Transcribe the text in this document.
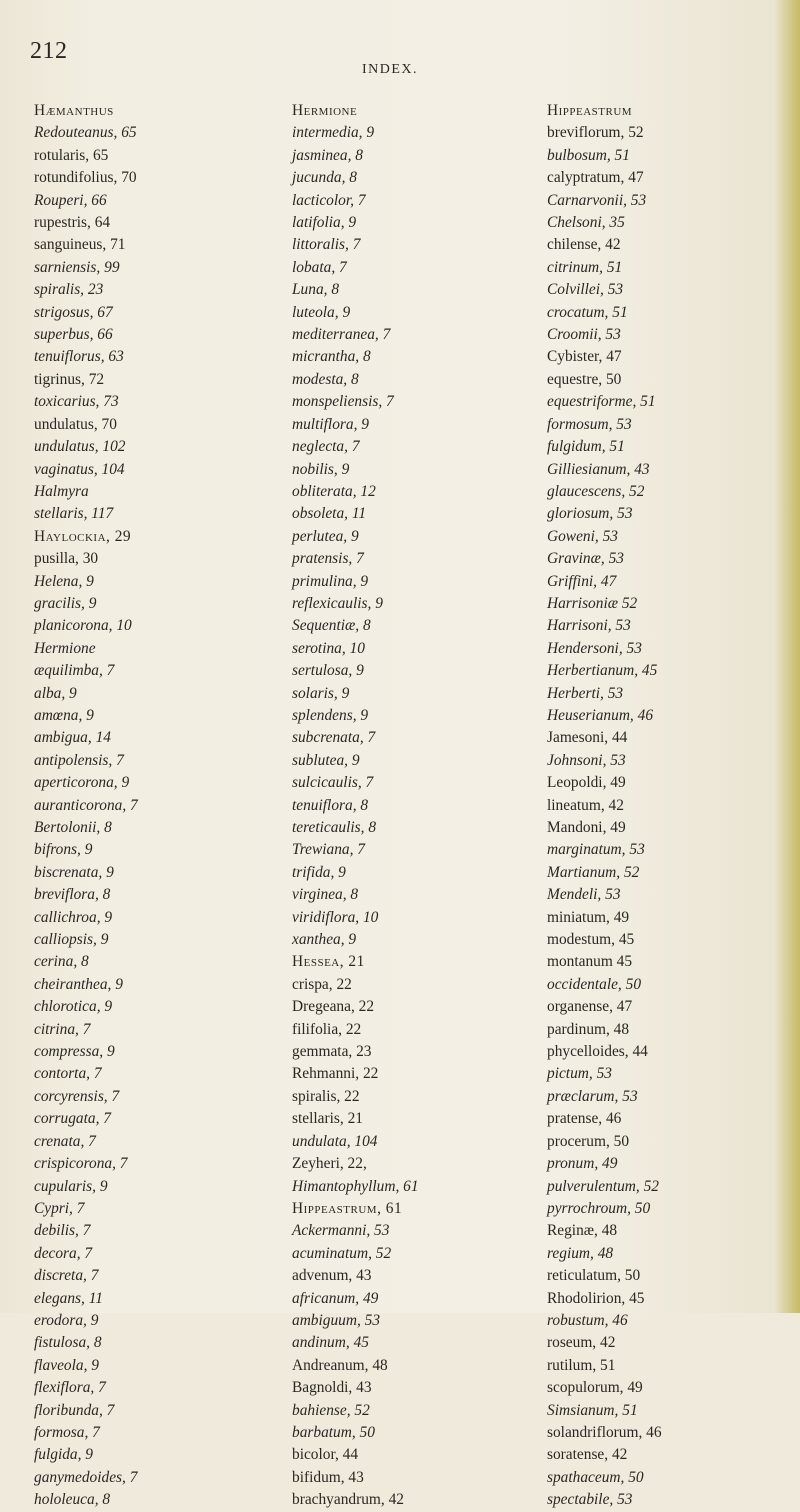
212
INDEX.
Hæmanthus
Redouteanus, 65
rotularis, 65
rotundifolius, 70
Rouperi, 66
rupestris, 64
sanguineus, 71
sarniensis, 99
spiralis, 23
strigosus, 67
superbus, 66
tenuiflorus, 63
tigrinus, 72
toxicarius, 73
undulatus, 70
undulatus, 102
vaginatus, 104
Halmyra
stellaris, 117
Haylockia, 29
pusilla, 30
Helena, 9
gracilis, 9
planicorona, 10
Hermione
æquilimba, 7
alba, 9
amœna, 9
ambigua, 14
antipolensis, 7
aperticorona, 9
auranticorona, 7
Bertolonii, 8
bifrons, 9
biscrenata, 9
breviflora, 8
callichroa, 9
calliopsis, 9
cerina, 8
cheiranthea, 9
chlorotica, 9
citrina, 7
compressa, 9
contorta, 7
corcyrensis, 7
corrugata, 7
crenata, 7
crispicorona, 7
cupularis, 9
Cypri, 7
debilis, 7
decora, 7
discreta, 7
elegans, 11
erodora, 9
fistulosa, 8
flaveola, 9
flexiflora, 7
floribunda, 7
formosa, 7
fulgida, 9
ganymedoides, 7
hololeuca, 8
Hermione
intermedia, 9
jasminea, 8
jucunda, 8
lacticolor, 7
latifolia, 9
littoralis, 7
lobata, 7
Luna, 8
luteola, 9
mediterranea, 7
micrantha, 8
modesta, 8
monspeliensis, 7
multiflora, 9
neglecta, 7
nobilis, 9
obliterata, 12
obsoleta, 11
perlutea, 9
pratensis, 7
primulina, 9
reflexicaulis, 9
Sequentiæ, 8
serotina, 10
sertulosa, 9
solaris, 9
splendens, 9
subcrenata, 7
sublutea, 9
sulcicaulis, 7
tenuiflora, 8
tereticaulis, 8
Trewiana, 7
trifida, 9
virginea, 8
viridiflora, 10
xanthea, 9
Hessea, 21
crispa, 22
Dregeana, 22
filifolia, 22
gemmata, 23
Rehmanni, 22
spiralis, 22
stellaris, 21
undulata, 104
Zeyheri, 22,
Himantophyllum, 61
Hippeastrum, 61
Ackermanni, 53
acuminatum, 52
advenum, 43
africanum, 49
ambiguum, 53
andinum, 45
Andreanum, 48
Bagnoldi, 43
bahiense, 52
barbatum, 50
bicolor, 44
bifidum, 43
brachyandrum, 42
Hippeastrum
breviflorum, 52
bulbosum, 51
calyptratum, 47
Carnarvonii, 53
Chelsoni, 35
chilense, 42
citrinum, 51
Colvillei, 53
crocatum, 51
Croomii, 53
Cybister, 47
equestre, 50
equestriforme, 51
formosum, 53
fulgidum, 51
Gilliesianum, 43
glaucescens, 52
gloriosum, 53
Goweni, 53
Gravinæ, 53
Griffini, 47
Harrisoniæ 52
Harrisoni, 53
Hendersoni, 53
Herbertianum, 45
Herberti, 53
Heuserianum, 46
Jamesoni, 44
Johnsoni, 53
Leopoldi, 49
lineatum, 42
Mandoni, 49
marginatum, 53
Martianum, 52
Mendeli, 53
miniatum, 49
modestum, 45
montanum 45
occidentale, 50
organense, 47
pardinum, 48
phycelloides, 44
pictum, 53
præclarum, 53
pratense, 46
procerum, 50
pronum, 49
pulverulentum, 52
pyrrochroum, 50
Reginæ, 48
regium, 48
reticulatum, 50
Rhodolirion, 45
robustum, 46
roseum, 42
rutilum, 51
scopulorum, 49
Simsianum, 51
solandriflorum, 46
soratense, 42
spathaceum, 50
spectabile, 53
